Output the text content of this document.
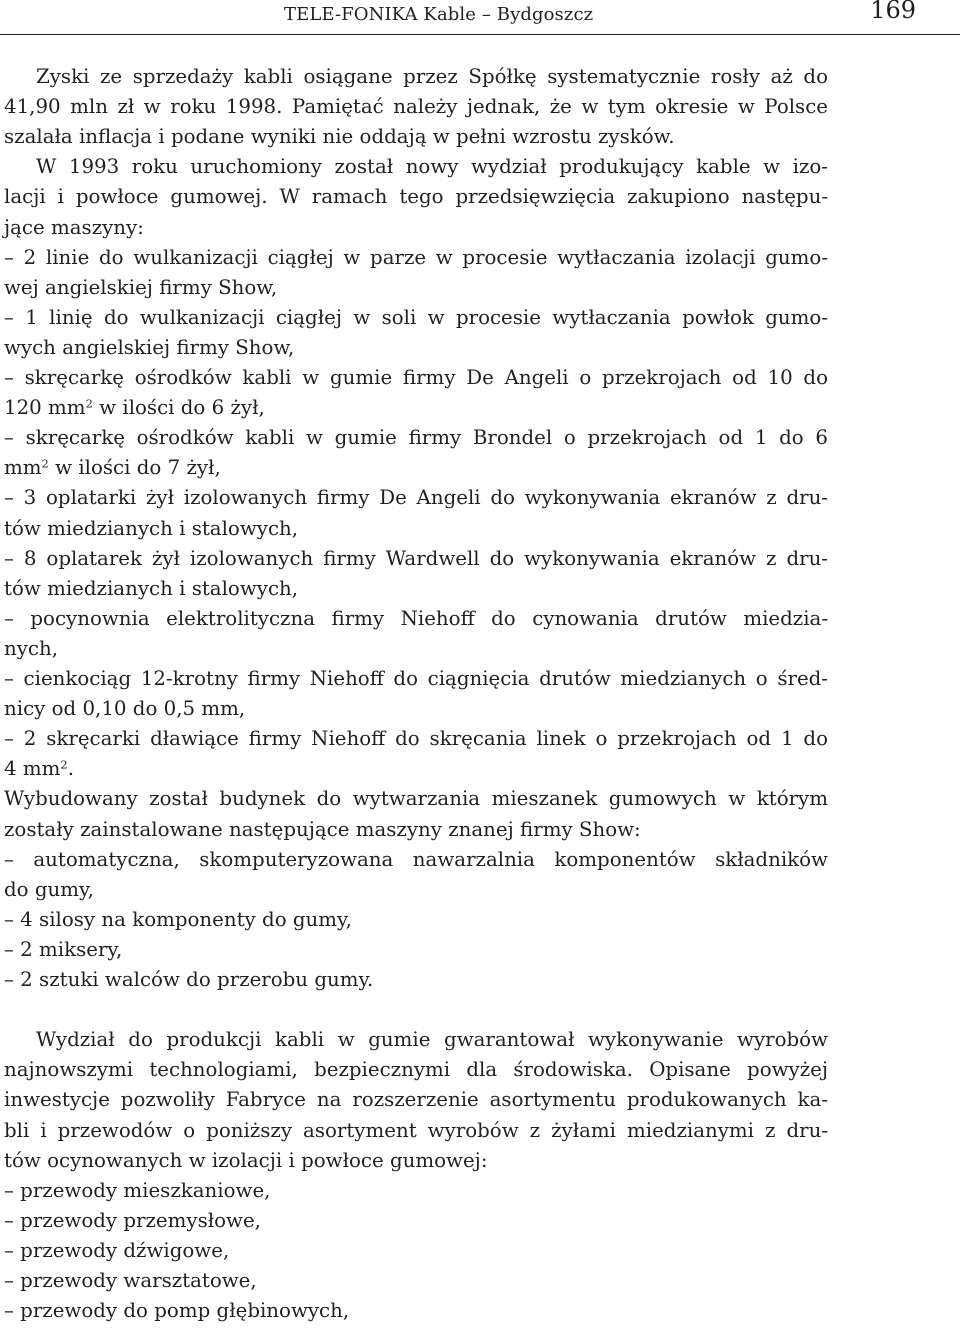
TELE-FONIKA Kable – Bydgoszcz	169
Zyski ze sprzedaży kabli osiągane przez Spółkę systematycznie rosły aż do
41,90 mln zł w roku 1998. Pamiętać należy jednak, że w tym okresie w Polsce
szalała inflacja i podane wyniki nie oddają w pełni wzrostu zysków.
W 1993 roku uruchomiony został nowy wydział produkujący kable w izo-
lacji i powłoce gumowej. W ramach tego przedsięwzięcia zakupiono następu-
jące maszyny:
– 2 linie do wulkanizacji ciągłej w parze w procesie wytłaczania izolacji gumo-
wej angielskiej firmy Show,
– 1 linię do wulkanizacji ciągłej w soli w procesie wytłaczania powłok gumo-
wych angielskiej firmy Show,
– skręcarkę ośrodków kabli w gumie firmy De Angeli o przekrojach od 10 do
120 $mm^2$ w ilości do 6 żył,
– skręcarkę ośrodków kabli w gumie firmy Brondel o przekrojach od 1 do 6
$mm^2$ w ilości do 7 żył,
– 3 oplatarki żył izolowanych firmy De Angeli do wykonywania ekranów z dru-
tów miedzianych i stalowych,
– 8 oplatarek żył izolowanych firmy Wardwell do wykonywania ekranów z dru-
tów miedzianych i stalowych,
– pocynownia elektrolityczna firmy Niehoff do cynowania drutów miedzia-
nych,
– cienkociąg 12-krotny firmy Niehoff do ciągnięcia drutów miedzianych o śred-
nicy od 0,10 do 0,5 mm,
– 2 skręcarki dławiące firmy Niehoff do skręcania linek o przekrojach od 1 do
4 $mm^2$.
Wybudowany został budynek do wytwarzania mieszanek gumowych w którym
zostały zainstalowane następujące maszyny znanej firmy Show:
– automatyczna, skomputeryzowana nawarzalnia komponentów składników
do gumy,
– 4 silosy na komponenty do gumy,
– 2 miksery,
– 2 sztuki walców do przerobu gumy.
Wydział do produkcji kabli w gumie gwarantował wykonywanie wyrobów
najnowszymi technologiami, bezpiecznymi dla środowiska. Opisane powyżej
inwestycje pozwoliły Fabryce na rozszerzenie asortymentu produkowanych ka-
bli i przewodów o poniższy asortyment wyrobów z żyłami miedzianymi z dru-
tów ocynowanych w izolacji i powłoce gumowej:
– przewody mieszkaniowe,
– przewody przemysłowe,
– przewody dźwigowe,
– przewody warsztatowe,
– przewody do pomp głębinowych,
